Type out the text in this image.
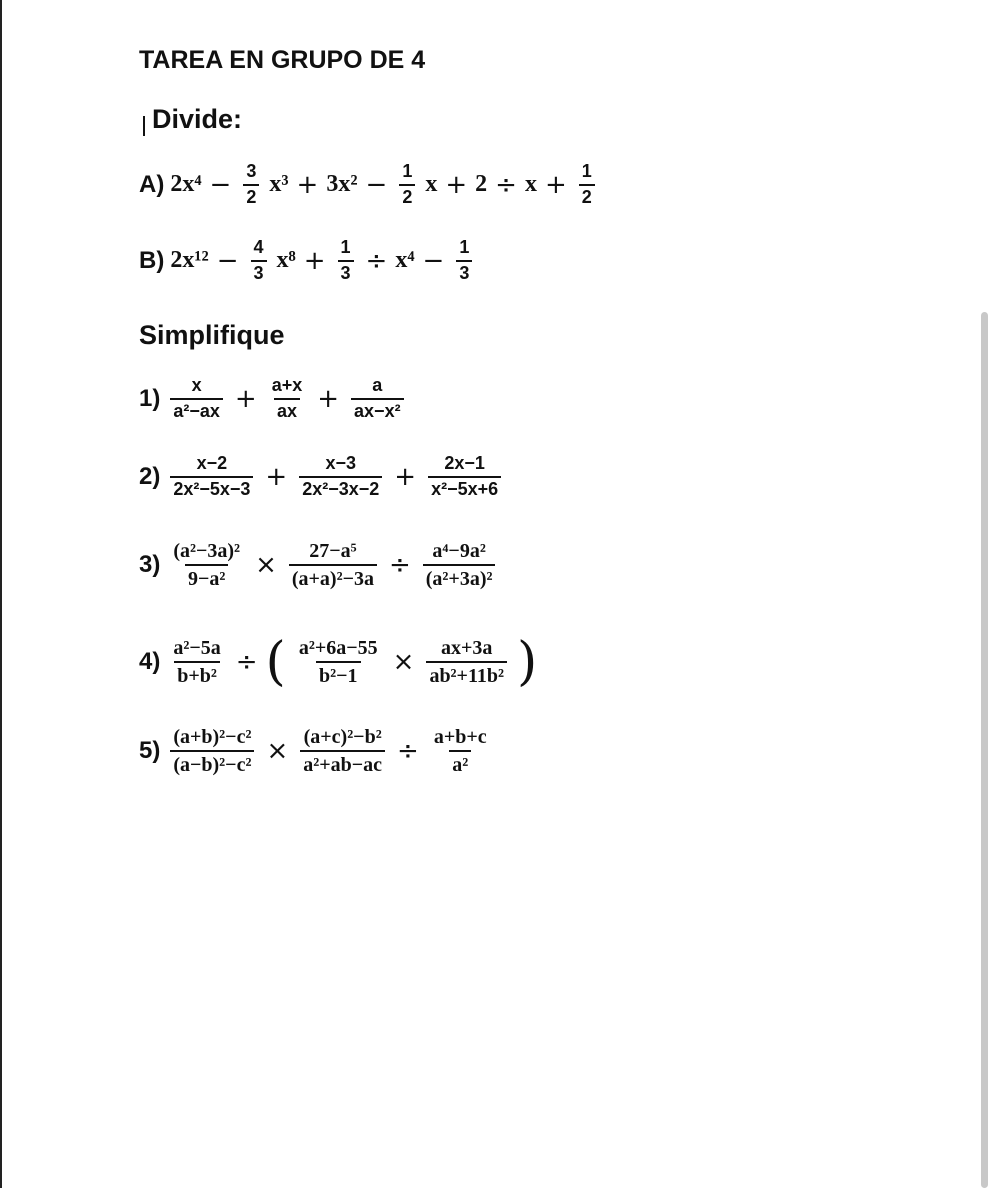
TAREA EN GRUPO DE 4
Divide:
A) $2x^4 - \frac{3}{2} x^3 + 3x^2 - \frac{1}{2}$ $x + 2 \div x + \frac{1}{2}$
B) $2x^{12} - \frac{4}{3} x^8 + \frac{1}{3} \div x^4 - \frac{1}{3}$
Simplifique
$1) \frac{x}{\text{a²−ax}} + \frac{a+x}{ax} + \frac{a}{\text{ax−x²}}$
$2) \frac{x-2}{\text{2x²−5x−3}} + \frac{x-3}{\text{2x²−3x−2}} + \frac{2x-1}{\text{x²−5x+6}}$
$3) \frac{\text{(a²−3a)²}}{\text{9−a²}} \times \frac{\text{27−a⁵}}{\text{(a+a)²−3a}} \div \frac{\text{a⁴−9a²}}{\text{(a²+3a)²}}$
$4) \frac{\text{a²−5a}}{\text{b+b²}}$ ÷ ( $\frac{\text{a²+6a−55}}{\text{b²−1}} \times \frac{ax+3a}{\text{ab²+11b²}}$ )
$5) \frac{\text{(a+b)²−c²}}{\text{(a−b)²−c²}} \times \frac{\text{(a+c)²−b²}}{\text{a²+ab−ac}} \div \frac{a+b+c}{\text{a²}}$
